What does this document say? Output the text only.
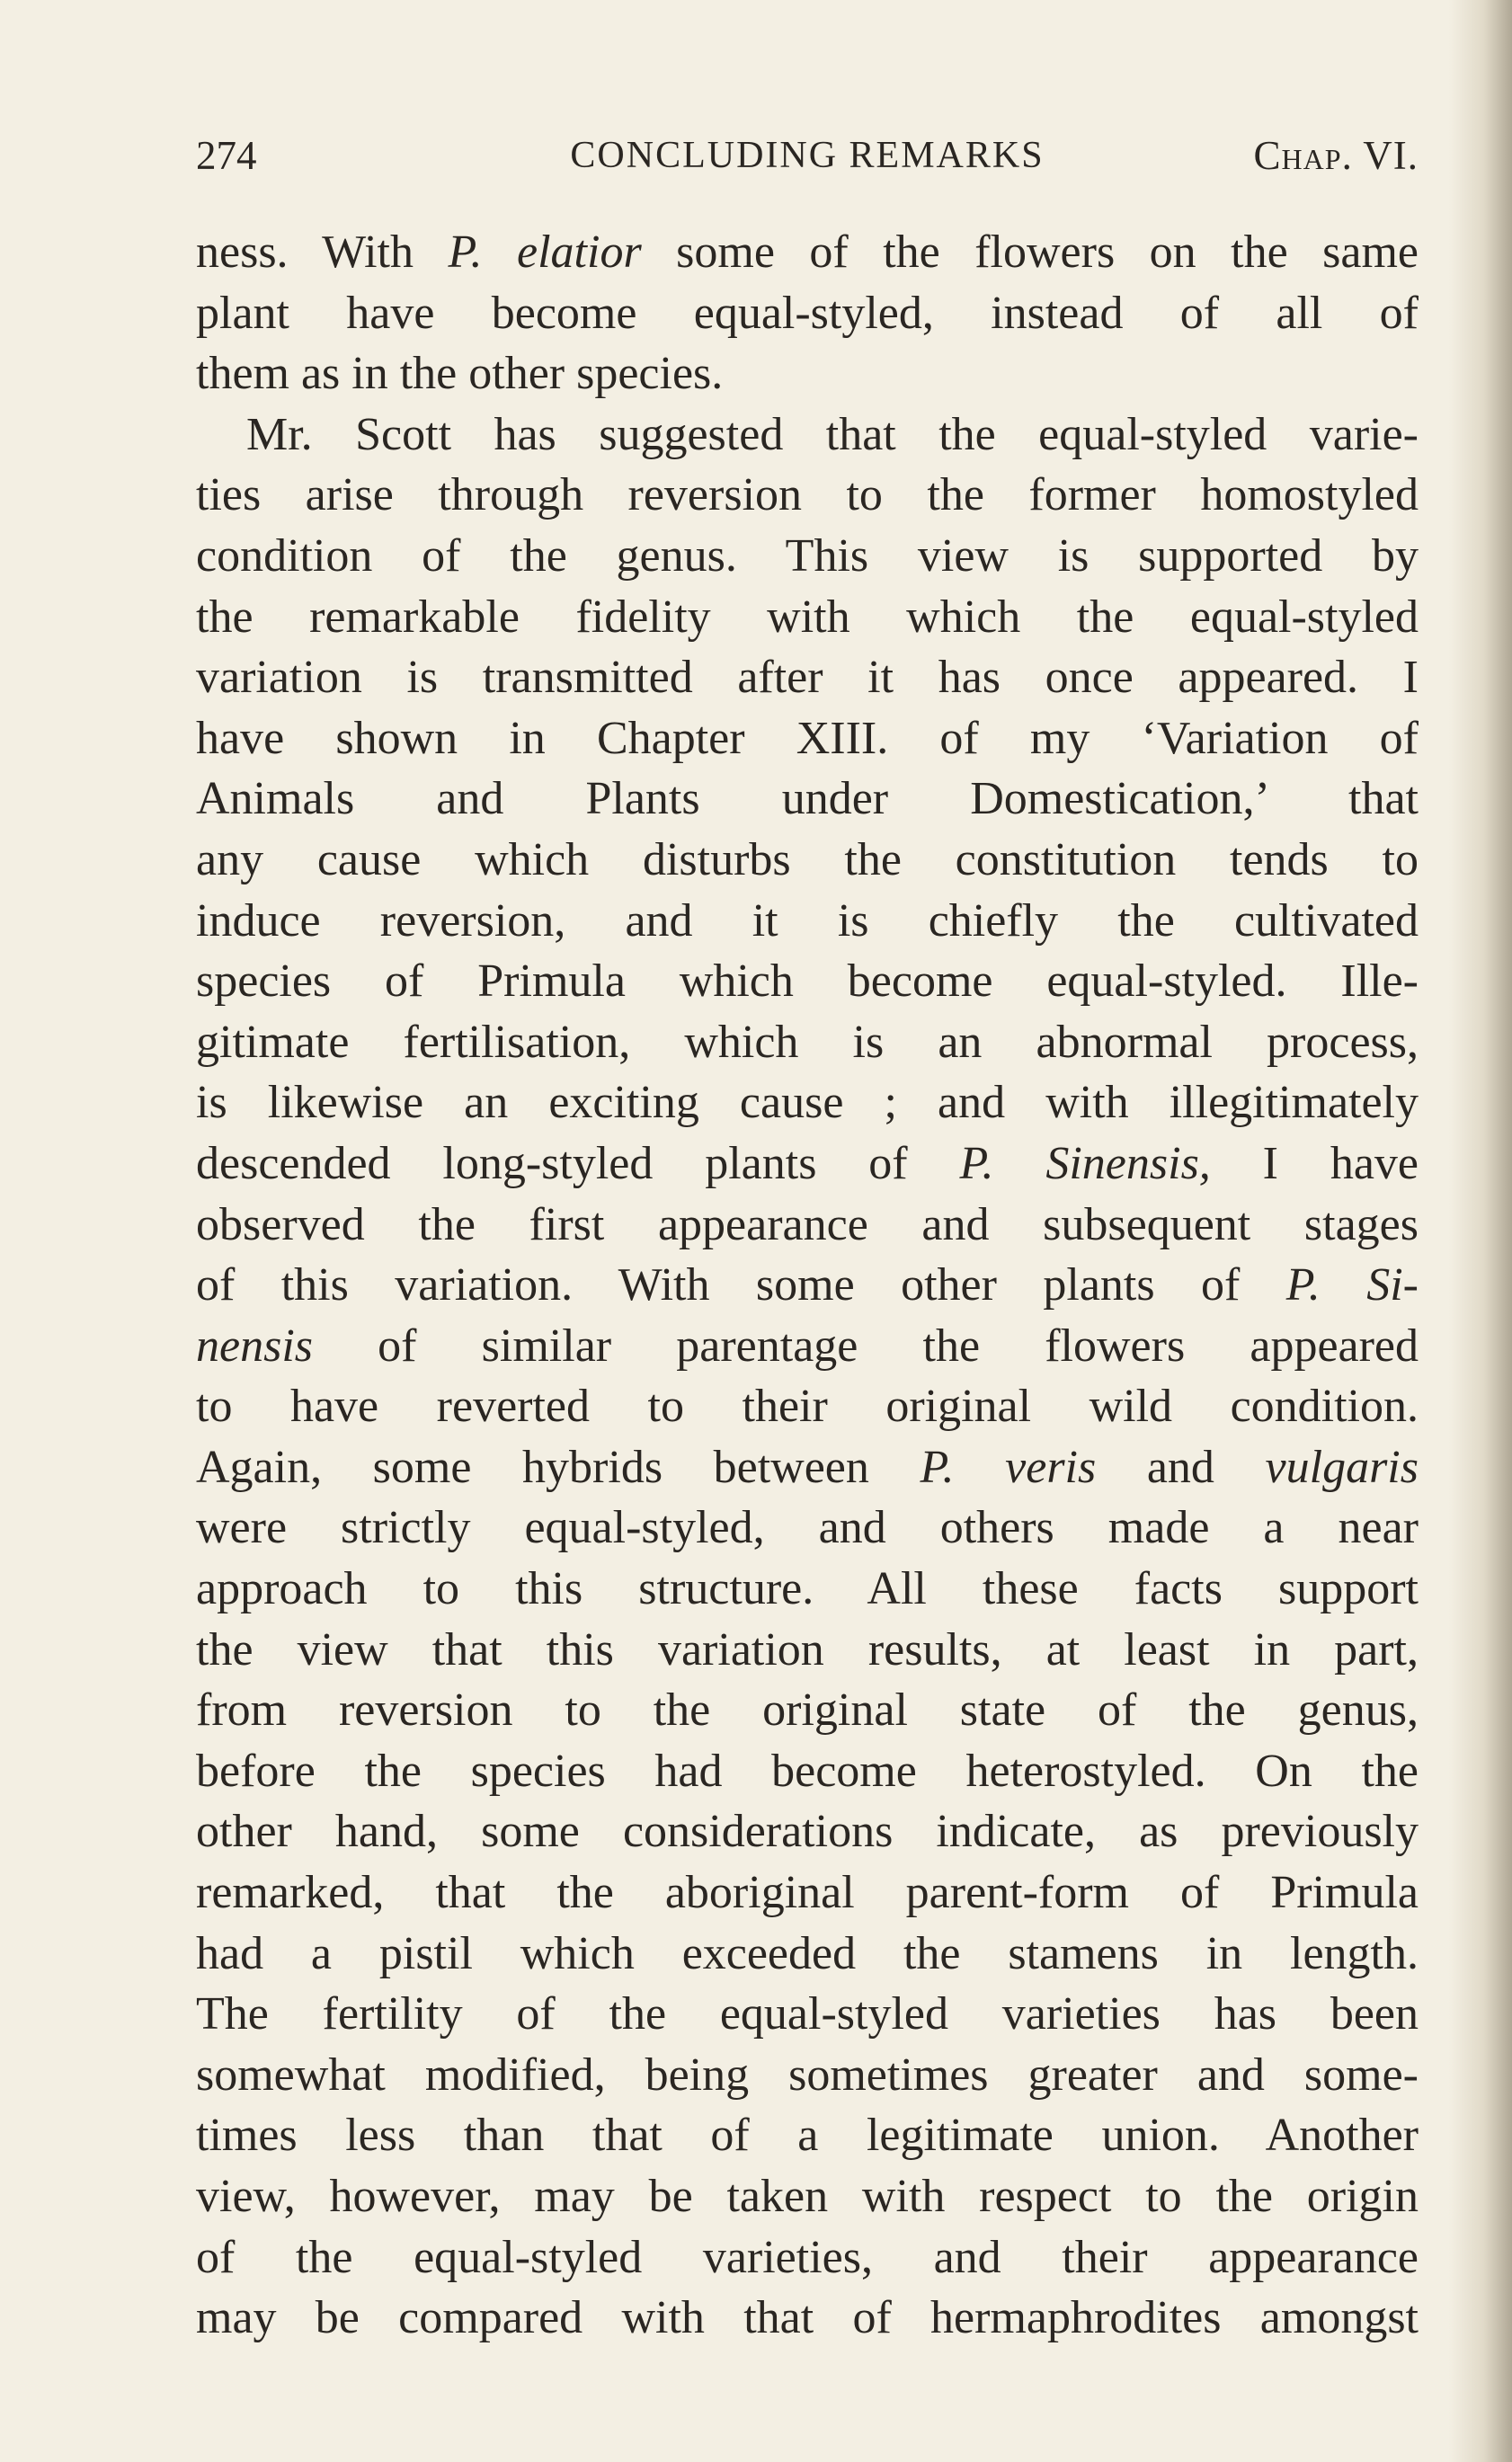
274	CONCLUDING REMARKS	Chap. VI.
ness. With P. elatior some of the flowers on the same
plant have become equal-styled, instead of all of
them as in the other species.
Mr. Scott has suggested that the equal-styled varie-
ties arise through reversion to the former homostyled
condition of the genus. This view is supported by
the remarkable fidelity with which the equal-styled
variation is transmitted after it has once appeared. I
have shown in Chapter XIII. of my ‘Variation of
Animals and Plants under Domestication,’ that
any cause which disturbs the constitution tends to
induce reversion, and it is chiefly the cultivated
species of Primula which become equal-styled. Ille-
gitimate fertilisation, which is an abnormal process,
is likewise an exciting cause ; and with illegitimately
descended long-styled plants of P. Sinensis, I have
observed the first appearance and subsequent stages
of this variation. With some other plants of P. Si-
nensis of similar parentage the flowers appeared
to have reverted to their original wild condition.
Again, some hybrids between P. veris and vulgaris
were strictly equal-styled, and others made a near
approach to this structure. All these facts support
the view that this variation results, at least in part,
from reversion to the original state of the genus,
before the species had become heterostyled. On the
other hand, some considerations indicate, as previously
remarked, that the aboriginal parent-form of Primula
had a pistil which exceeded the stamens in length.
The fertility of the equal-styled varieties has been
somewhat modified, being sometimes greater and some-
times less than that of a legitimate union. Another
view, however, may be taken with respect to the origin
of the equal-styled varieties, and their appearance
may be compared with that of hermaphrodites amongst
